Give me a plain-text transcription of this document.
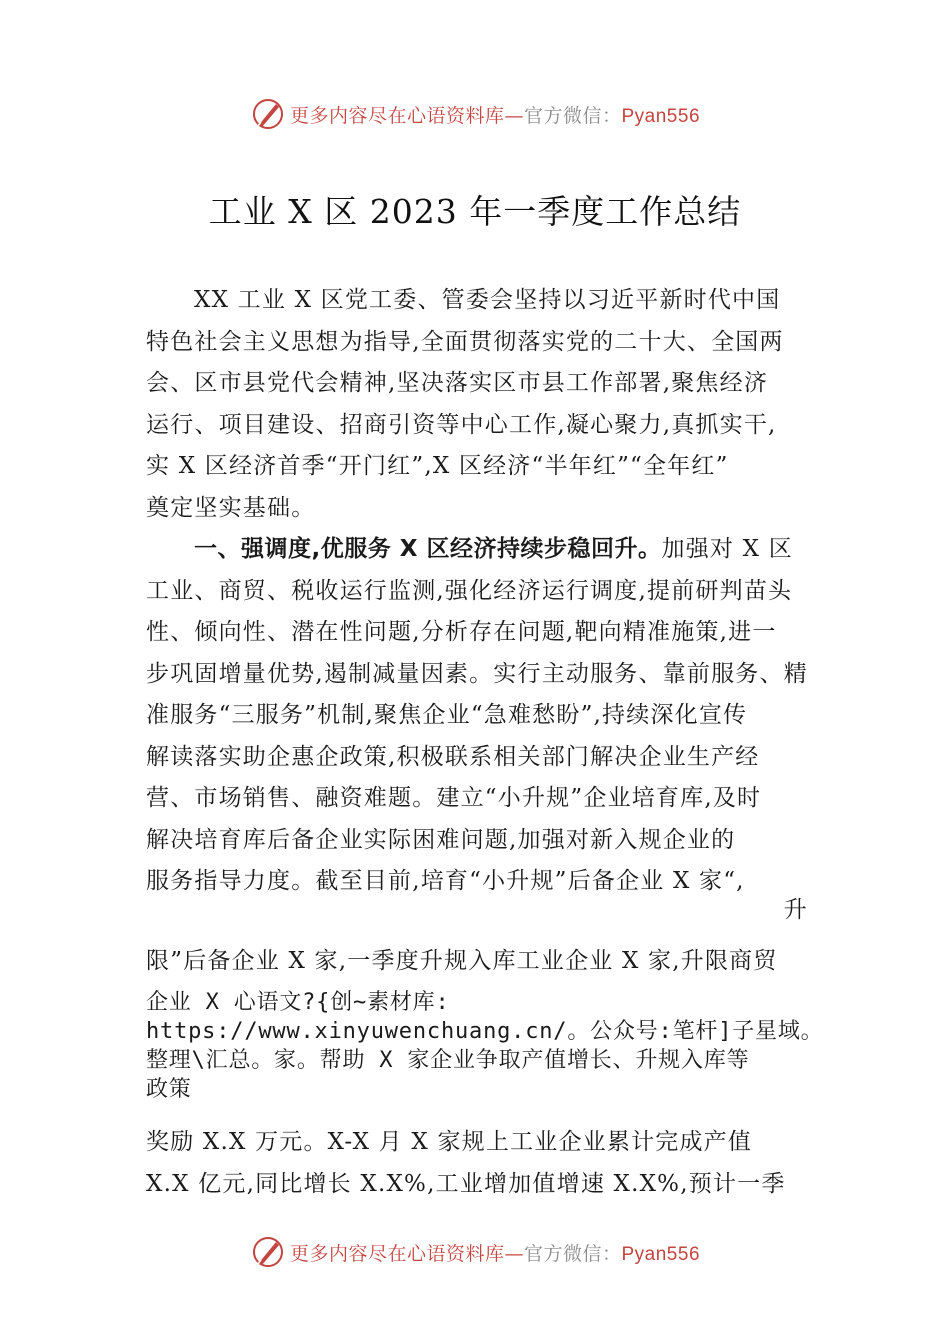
更多内容尽在心语资料库—官方微信：Pyan556
工业 X 区 2023 年一季度工作总结

XX 工业 X 区党工委、管委会坚持以习近平新时代中国
特色社会主义思想为指导,全面贯彻落实党的二十大、全国两
会、区市县党代会精神,坚决落实区市县工作部署,聚焦经济
运行、项目建设、招商引资等中心工作,凝心聚力,真抓实干,
实 X 区经济首季“开门红”,X 区经济“半年红”“全年红”
奠定坚实基础。

一、强调度,优服务 X 区经济持续步稳回升。加强对 X 区
工业、商贸、税收运行监测,强化经济运行调度,提前研判苗头
性、倾向性、潜在性问题,分析存在问题,靶向精准施策,进一
步巩固增量优势,遏制减量因素。实行主动服务、靠前服务、精
准服务“三服务”机制,聚焦企业“急难愁盼”,持续深化宣传
解读落实助企惠企政策,积极联系相关部门解决企业生产经
营、市场销售、融资难题。建立“小升规”企业培育库,及时
解决培育库后备企业实际困难问题,加强对新入规企业的
服务指导力度。截至目前,培育“小升规”后备企业 X 家“,

升

限”后备企业 X 家,一季度升规入库工业企业 X 家,升限商贸

企业 X 心语文?{创~素材库:
https://www.xinyuwenchuang.cn/。公众号:笔杆]子星域。
整理\汇总。家。帮助 X 家企业争取产值增长、升规入库等
政策

奖励 X.X 万元。X-X 月 X 家规上工业企业累计完成产值
X.X 亿元,同比增长 X.X%,工业增加值增速 X.X%,预计一季

更多内容尽在心语资料库—官方微信：Pyan556
